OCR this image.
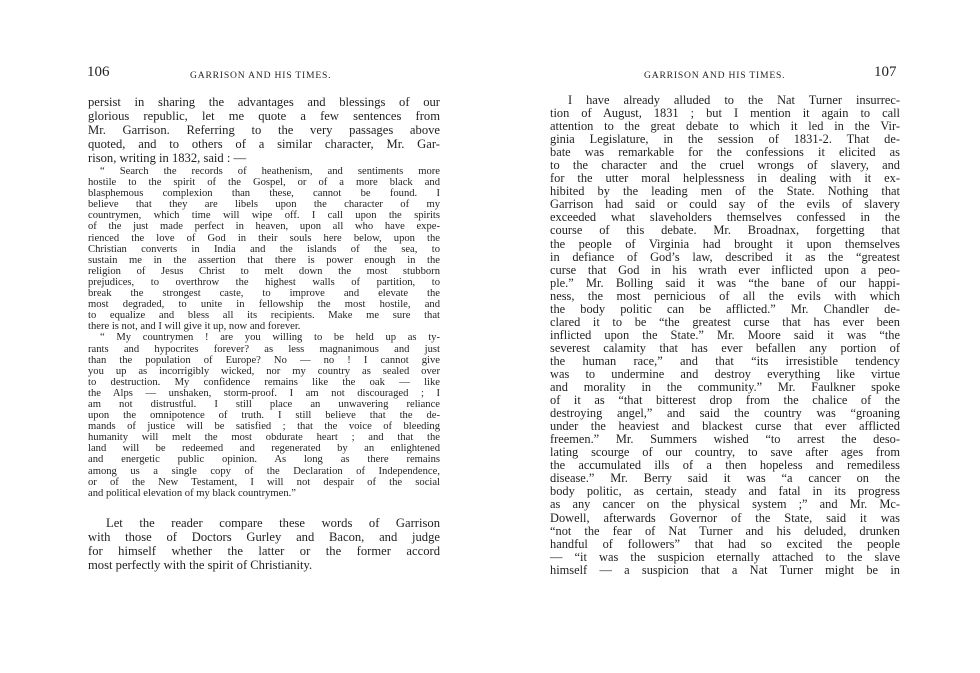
106	GARRISON AND HIS TIMES.
persist in sharing the advantages and blessings of our
glorious republic, let me quote a few sentences from
Mr. Garrison. Referring to the very passages above
quoted, and to others of a similar character, Mr. Gar-
rison, writing in 1832, said : —
“ Search the records of heathenism, and sentiments more
hostile to the spirit of the Gospel, or of a more black and
blasphemous complexion than these, cannot be found. I
believe that they are libels upon the character of my
countrymen, which time will wipe off. I call upon the spirits
of the just made perfect in heaven, upon all who have expe-
rienced the love of God in their souls here below, upon the
Christian converts in India and the islands of the sea, to
sustain me in the assertion that there is power enough in the
religion of Jesus Christ to melt down the most stubborn
prejudices, to overthrow the highest walls of partition, to
break the strongest caste, to improve and elevate the
most degraded, to unite in fellowship the most hostile, and
to equalize and bless all its recipients. Make me sure that
there is not, and I will give it up, now and forever.
“ My countrymen ! are you willing to be held up as ty-
rants and hypocrites forever? as less magnanimous and just
than the population of Europe? No — no ! I cannot give
you up as incorrigibly wicked, nor my country as sealed over
to destruction. My confidence remains like the oak — like
the Alps — unshaken, storm-proof. I am not discouraged ; I
am not distrustful. I still place an unwavering reliance
upon the omnipotence of truth. I still believe that the de-
mands of justice will be satisfied ; that the voice of bleeding
humanity will melt the most obdurate heart ; and that the
land will be redeemed and regenerated by an enlightened
and energetic public opinion. As long as there remains
among us a single copy of the Declaration of Independence,
or of the New Testament, I will not despair of the social
and political elevation of my black countrymen.”
Let the reader compare these words of Garrison
with those of Doctors Gurley and Bacon, and judge
for himself whether the latter or the former accord
most perfectly with the spirit of Christianity.
GARRISON AND HIS TIMES.	107
I have already alluded to the Nat Turner insurrec-
tion of August, 1831 ; but I mention it again to call
attention to the great debate to which it led in the Vir-
ginia Legislature, in the session of 1831-2. That de-
bate was remarkable for the confessions it elicited as
to the character and the cruel wrongs of slavery, and
for the utter moral helplessness in dealing with it ex-
hibited by the leading men of the State. Nothing that
Garrison had said or could say of the evils of slavery
exceeded what slaveholders themselves confessed in the
course of this debate. Mr. Broadnax, forgetting that
the people of Virginia had brought it upon themselves
in defiance of God’s law, described it as the “greatest
curse that God in his wrath ever inflicted upon a peo-
ple.” Mr. Bolling said it was “the bane of our happi-
ness, the most pernicious of all the evils with which
the body politic can be afflicted.” Mr. Chandler de-
clared it to be “the greatest curse that has ever been
inflicted upon the State.” Mr. Moore said it was “the
severest calamity that has ever befallen any portion of
the human race,” and that “its irresistible tendency
was to undermine and destroy everything like virtue
and morality in the community.” Mr. Faulkner spoke
of it as “that bitterest drop from the chalice of the
destroying angel,” and said the country was “groaning
under the heaviest and blackest curse that ever afflicted
freemen.” Mr. Summers wished “to arrest the deso-
lating scourge of our country, to save after ages from
the accumulated ills of a then hopeless and remediless
disease.” Mr. Berry said it was “a cancer on the
body politic, as certain, steady and fatal in its progress
as any cancer on the physical system ;” and Mr. Mc-
Dowell, afterwards Governor of the State, said it was
“not the fear of Nat Turner and his deluded, drunken
handful of followers” that had so excited the people
— “it was the suspicion eternally attached to the slave
himself — a suspicion that a Nat Turner might be in
